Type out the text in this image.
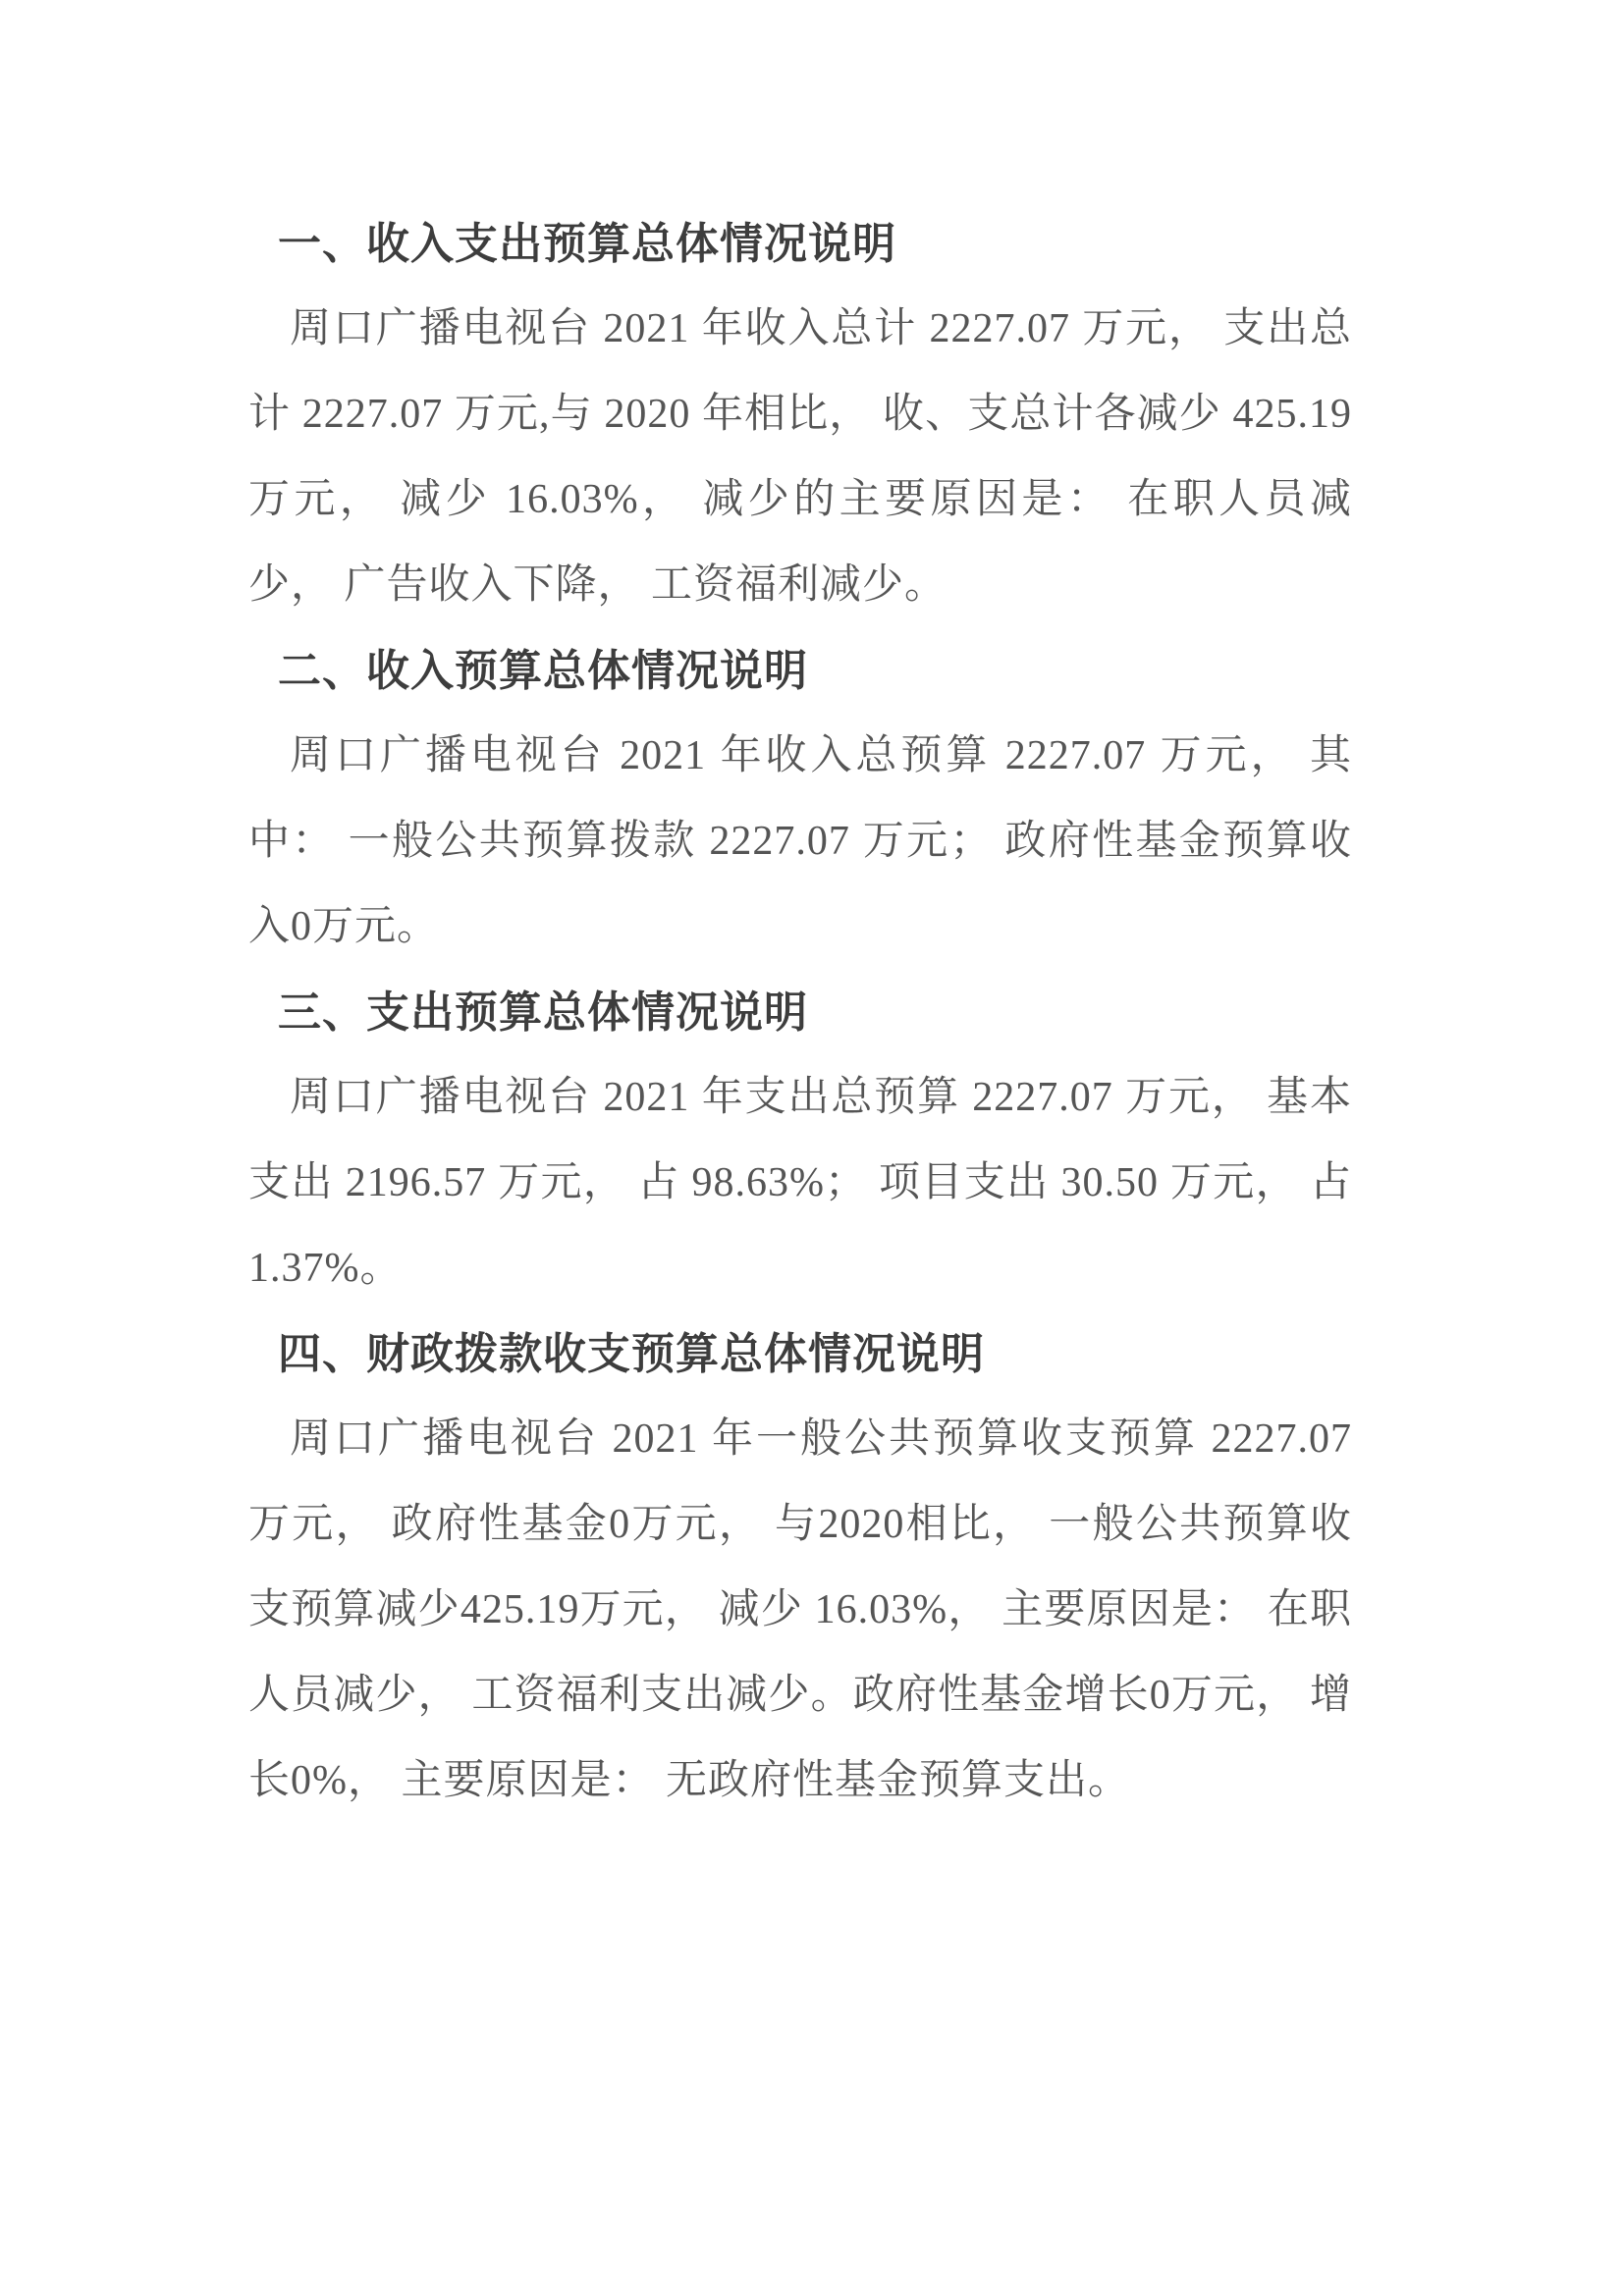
一、收入支出预算总体情况说明

周口广播电视台 2021 年收入总计 2227.07 万元， 支出总计 2227.07 万元,与 2020 年相比， 收、支总计各减少 425.19万元， 减少 16.03%， 减少的主要原因是： 在职人员减少， 广告收入下降， 工资福利减少。

二、收入预算总体情况说明

周口广播电视台 2021 年收入总预算 2227.07 万元， 其中： 一般公共预算拨款 2227.07 万元； 政府性基金预算收入0万元。

三、支出预算总体情况说明

周口广播电视台 2021 年支出总预算 2227.07 万元， 基本支出 2196.57 万元， 占 98.63%； 项目支出 30.50 万元， 占 1.37%。

四、财政拨款收支预算总体情况说明

周口广播电视台 2021 年一般公共预算收支预算 2227.07 万元， 政府性基金0万元， 与2020相比， 一般公共预算收支预算减少425.19万元， 减少 16.03%， 主要原因是： 在职人员减少， 工资福利支出减少。政府性基金增长0万元， 增长0%， 主要原因是： 无政府性基金预算支出。
